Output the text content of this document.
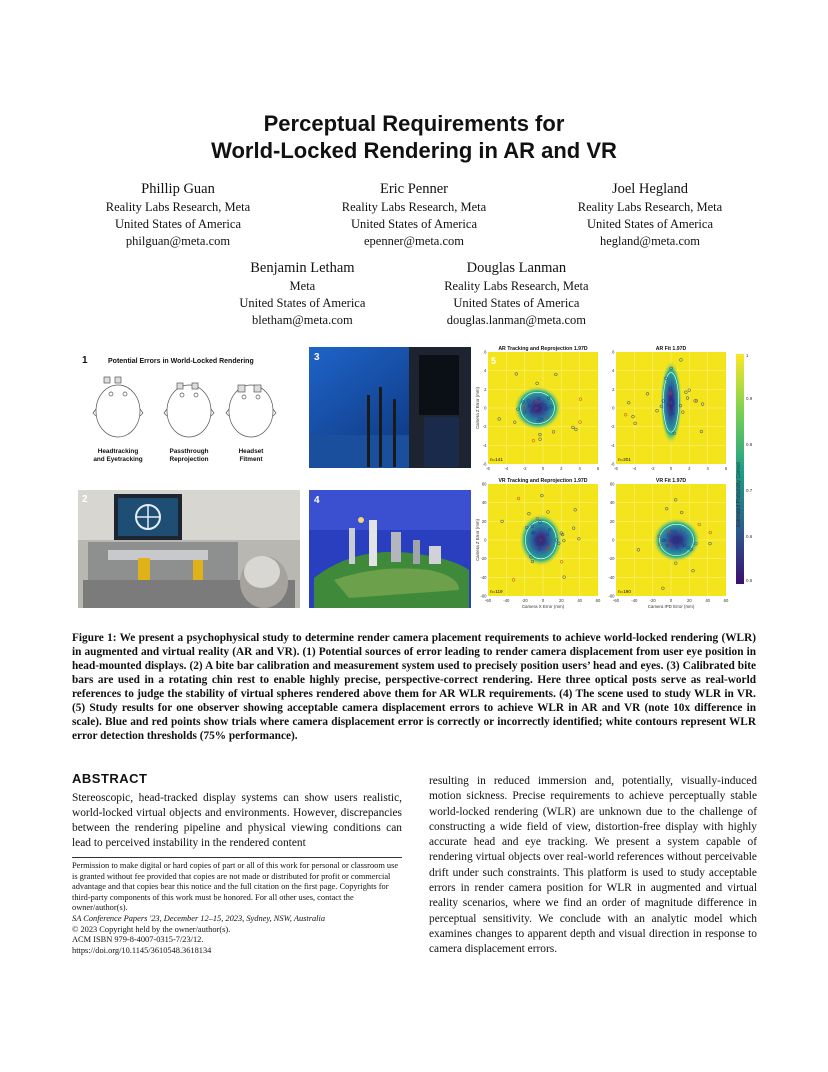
Perceptual Requirements for
World-Locked Rendering in AR and VR
Phillip Guan
Reality Labs Research, Meta
United States of America
philguan@meta.com
Eric Penner
Reality Labs Research, Meta
United States of America
epenner@meta.com
Joel Hegland
Reality Labs Research, Meta
United States of America
hegland@meta.com
Benjamin Letham
Meta
United States of America
bletham@meta.com
Douglas Lanman
Reality Labs Research, Meta
United States of America
douglas.lanman@meta.com
1	Potential Errors in World-Locked Rendering
Headtracking
and Eyetracking
Passthrough
Reprojection
Headset
Fitment
2
3
4
AR Tracking and Reprojection 1.97D
n=141
-6	-4	-2	0	2	4	6
6
4
2
0
-2
-4
-6
Camera Z Error (mm)
AR Fit 1.97D
n=201
-6	-4	-2	0	2	4	6
6
4
2
0
-2
-4
-6
VR Tracking and Reprojection 1.97D
n=119
-60	-40	-20	0	20	40	60
60
40
20
0
-20
-40
-60
Camera Z Error (mm)
Camera X Error (mm)
VR Fit 1.97D
n=190
-60	-40	-20	0	20	40	60
60
40
20
0
-20
-40
-60
Camera IPD Error (mm)
5
1
0.9
0.8
0.7
0.6
0.5
Estimated Probability Correct
Figure 1: We present a psychophysical study to determine render camera placement requirements to achieve world-locked rendering (WLR) in augmented and virtual reality (AR and VR). (1) Potential sources of error leading to render camera displacement from user eye position in head-mounted displays. (2) A bite bar calibration and measurement system used to precisely position users’ head and eyes. (3) Calibrated bite bars are used in a rotating chin rest to enable highly precise, perspective-correct rendering. Here three optical posts serve as real-world references to judge the stability of virtual spheres rendered above them for AR WLR requirements. (4) The scene used to study WLR in VR. (5) Study results for one observer showing acceptable camera displacement errors to achieve WLR in AR and VR (note 10x difference in scale). Blue and red points show trials where camera displacement error is correctly or incorrectly identified; white contours represent WLR error detection thresholds (75% performance).
ABSTRACT
Stereoscopic, head-tracked display systems can show users realistic, world-locked virtual objects and environments. However, discrepancies between the rendering pipeline and physical viewing conditions can lead to perceived instability in the rendered content
resulting in reduced immersion and, potentially, visually-induced motion sickness. Precise requirements to achieve perceptually stable world-locked rendering (WLR) are unknown due to the challenge of constructing a wide field of view, distortion-free display with highly accurate head and eye tracking. We present a system capable of rendering virtual objects over real-world references without perceivable drift under such constraints. This platform is used to study acceptable errors in render camera position for WLR in augmented and virtual reality scenarios, where we find an order of magnitude difference in perceptual sensitivity. We conclude with an analytic model which examines changes to apparent depth and visual direction in response to camera displacement errors.
Permission to make digital or hard copies of part or all of this work for personal or classroom use is granted without fee provided that copies are not made or distributed for profit or commercial advantage and that copies bear this notice and the full citation on the first page. Copyrights for third-party components of this work must be honored. For all other uses, contact the owner/author(s).
SA Conference Papers '23, December 12–15, 2023, Sydney, NSW, Australia
© 2023 Copyright held by the owner/author(s).
ACM ISBN 979-8-4007-0315-7/23/12.
https://doi.org/10.1145/3610548.3618134
